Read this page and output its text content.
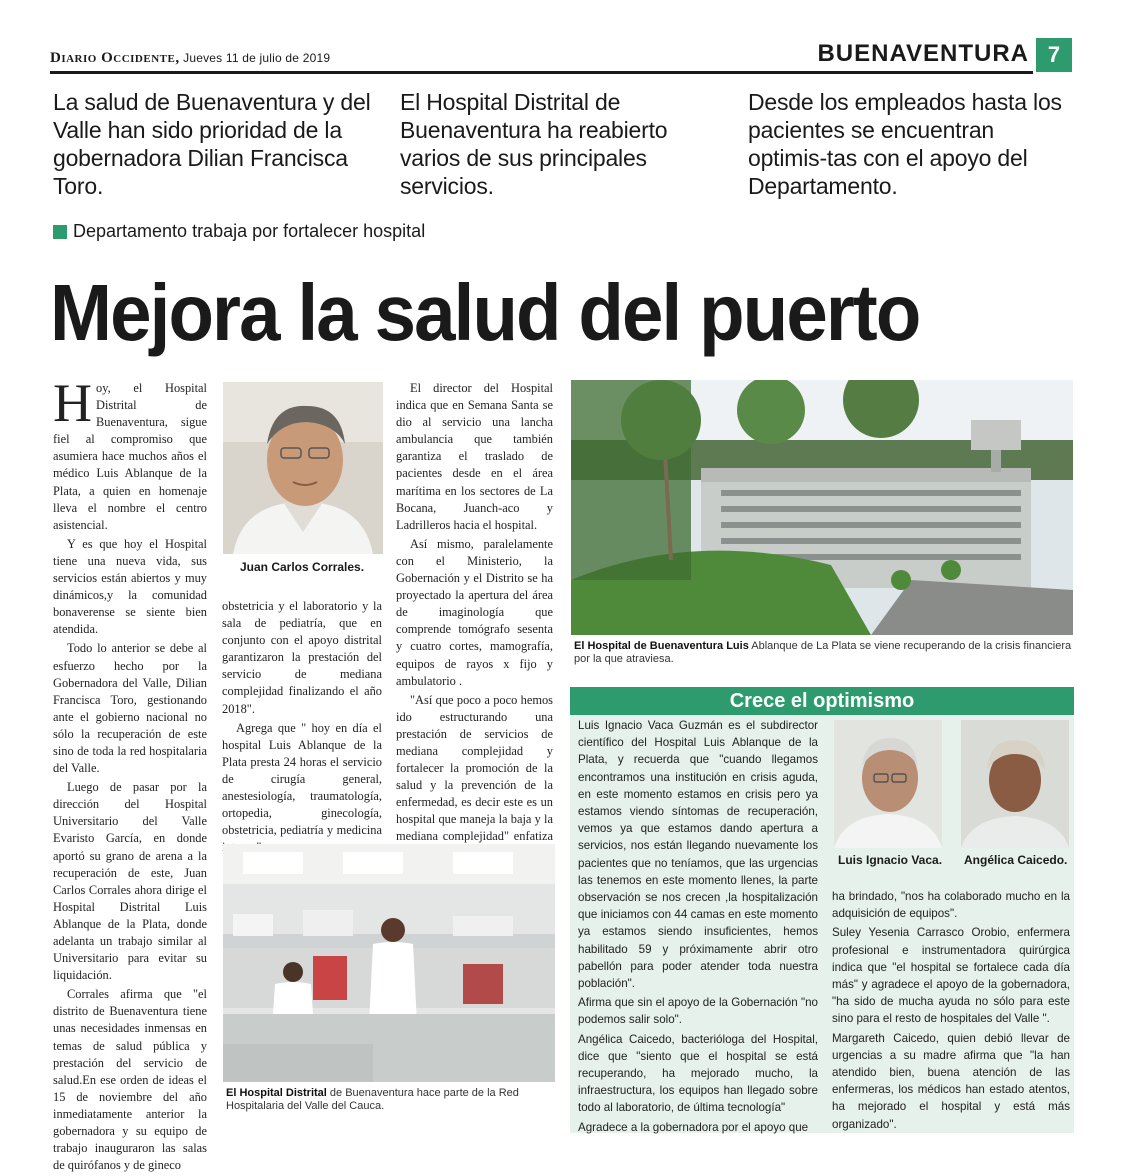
Diario Occidente, Jueves 11 de julio de 2019	BUENAVENTURA 7
La salud de Buenaventura y del Valle han sido prioridad de la gobernadora Dilian Francisca Toro.
El Hospital Distrital de Buenaventura ha reabierto varios de sus principales servicios.
Desde los empleados hasta los pacientes se encuentran optimis-tas con el apoyo del Departamento.
Departamento trabaja por fortalecer hospital
Mejora la salud del puerto

Hoy, el Hospital Distrital de Buenaventura, sigue fiel al compromiso que asumiera hace muchos años el médico Luis Ablanque de la Plata, a quien en homenaje lleva el nombre el centro asistencial.

Y es que hoy el Hospital tiene una nueva vida, sus servicios están abiertos y muy dinámicos,y la comunidad bonaverense se siente bien atendida.

Todo lo anterior se debe al esfuerzo hecho por la Gobernadora del Valle, Dilian Francisca Toro, gestionando ante el gobierno nacional no sólo la recuperación de este sino de toda la red hospitalaria del Valle.

Luego de pasar por la dirección del Hospital Universitario del Valle Evaristo García, en donde aportó su grano de arena a la recuperación de este, Juan Carlos Corrales ahora dirige el Hospital Distrital Luis Ablanque de la Plata, donde adelanta un trabajo similar al Universitario para evitar su liquidación.

Corrales afirma que "el distrito de Buenaventura tiene unas necesidades inmensas en temas de salud pública y prestación del servicio de salud.En ese orden de ideas el 15 de noviembre del año inmediatamente anterior la gobernadora y su equipo de trabajo inauguraron las salas de quirófanos y de gineco

Juan Carlos Corrales.

obstetricia y el laboratorio y la sala de pediatría, que en conjunto con el apoyo distrital garantizaron la prestación del servicio de mediana complejidad finalizando el año 2018".

Agrega que " hoy en día el hospital Luis Ablanque de la Plata presta 24 horas el servicio de cirugía general, anestesiología, traumatología, ortopedia, ginecología, obstetricia, pediatría y medicina

El director del Hospital indica que en Semana Santa se dio al servicio una lancha ambulancia que también garantiza el traslado de pacientes desde en el área marítima en los sectores de La Bocana, Juanch-aco y Ladrilleros hacia el hospital.

Así mismo, paralelamente con el Ministerio, la Gobernación y el Distrito se ha proyectado la apertura del área de imaginología que comprende tomógrafo sesenta y cuatro cortes, mamografía, equipos de rayos x fijo y ambulatorio .

"Así que poco a poco hemos ido estructurando una prestación de servicios de mediana complejidad y fortalecer la promoción de la salud y la prevención de la enfermedad, es decir este es un hospital que maneja la baja y la mediana complejidad" enfatiza

El Hospital Distrital de Buenaventura hace parte de la Red Hospitalaria del Valle del Cauca.
El Hospital de Buenaventura Luis Ablanque de La Plata se viene recuperando de la crisis financiera por la que atraviesa.
Crece el optimismo

Luis Ignacio Vaca Guzmán es el subdirector científico del Hospital Luis Ablanque de la Plata, y recuerda que "cuando llegamos encontramos una institución en crisis aguda, en este momento estamos en crisis pero ya estamos viendo síntomas de recuperación, vemos ya que estamos dando apertura a servicios, nos están llegando nuevamente los pacientes que no teníamos, que las urgencias las tenemos en este momento llenes, la parte observación se nos crecen ,la hospitalización que iniciamos con 44 camas en este momento ya estamos siendo insuficientes, hemos habilitado 59 y próximamente abrir otro pabellón para poder atender toda nuestra población".

Afirma que sin el apoyo de la Gobernación "no podemos salir solo".

Angélica Caicedo, bacterióloga del Hospital, dice que "siento que el hospital se está recuperando, ha mejorado mucho, la infraestructura, los equipos han llegado sobre todo al laboratorio, de última tecnología"

Agradece a la gobernadora por el apoyo que

Luis Ignacio Vaca. Angélica Caicedo.

ha brindado, "nos ha colaborado mucho en la adquisición de equipos".

Suley Yesenia Carrasco Orobio, enfermera profesional e instrumentadora quirúrgica indica que "el hospital se fortalece cada día más" y agradece el apoyo de la gobernadora, "ha sido de mucha ayuda no sólo para este sino para el resto de hospitales del Valle ".

Margareth Caicedo, quien debió llevar de urgencias a su madre afirma que "la han atendido bien, buena atención de las enfermeras, los médicos han estado atentos, ha mejorado el hospital y está más organizado".
